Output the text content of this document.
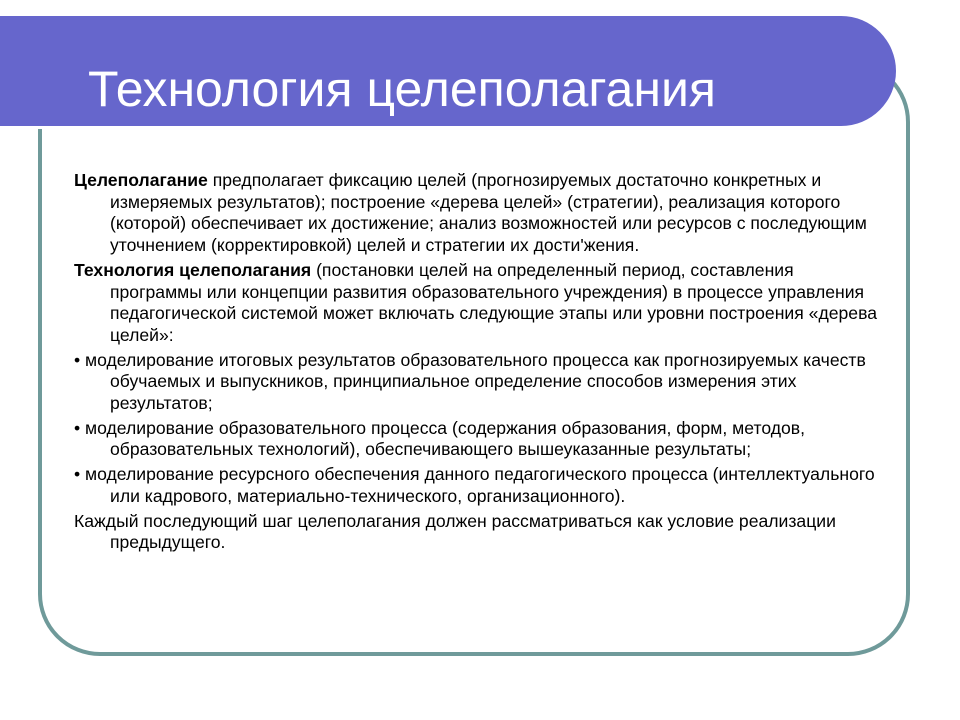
Технология целеполагания

Целеполагание предполагает фиксацию целей (прогнозируемых достаточно конкретных и измеряемых результатов); построение «дерева целей» (стратегии), реализация которого (которой) обеспечивает их достижение; анализ возможностей или ресурсов с последующим уточнением (корректировкой) целей и стратегии их дости'жения.

Технология целеполагания (постановки целей на определенный период, составления программы или концепции развития образовательного учреждения) в процессе управления педагогической системой может включать следующие этапы или уровни построения «дерева целей»:

• моделирование итоговых результатов образовательного процесса как прогнозируемых качеств обучаемых и выпускников, принципиальное определение способов измерения этих результатов;

• моделирование образовательного процесса (содержания образования, форм, методов, образовательных технологий), обеспечивающего вышеуказанные результаты;

• моделирование ресурсного обеспечения данного педагогического процесса (интеллектуального или кадрового, материально-технического, организационного).

Каждый последующий шаг целеполагания должен рассматриваться как условие реализации предыдущего.
